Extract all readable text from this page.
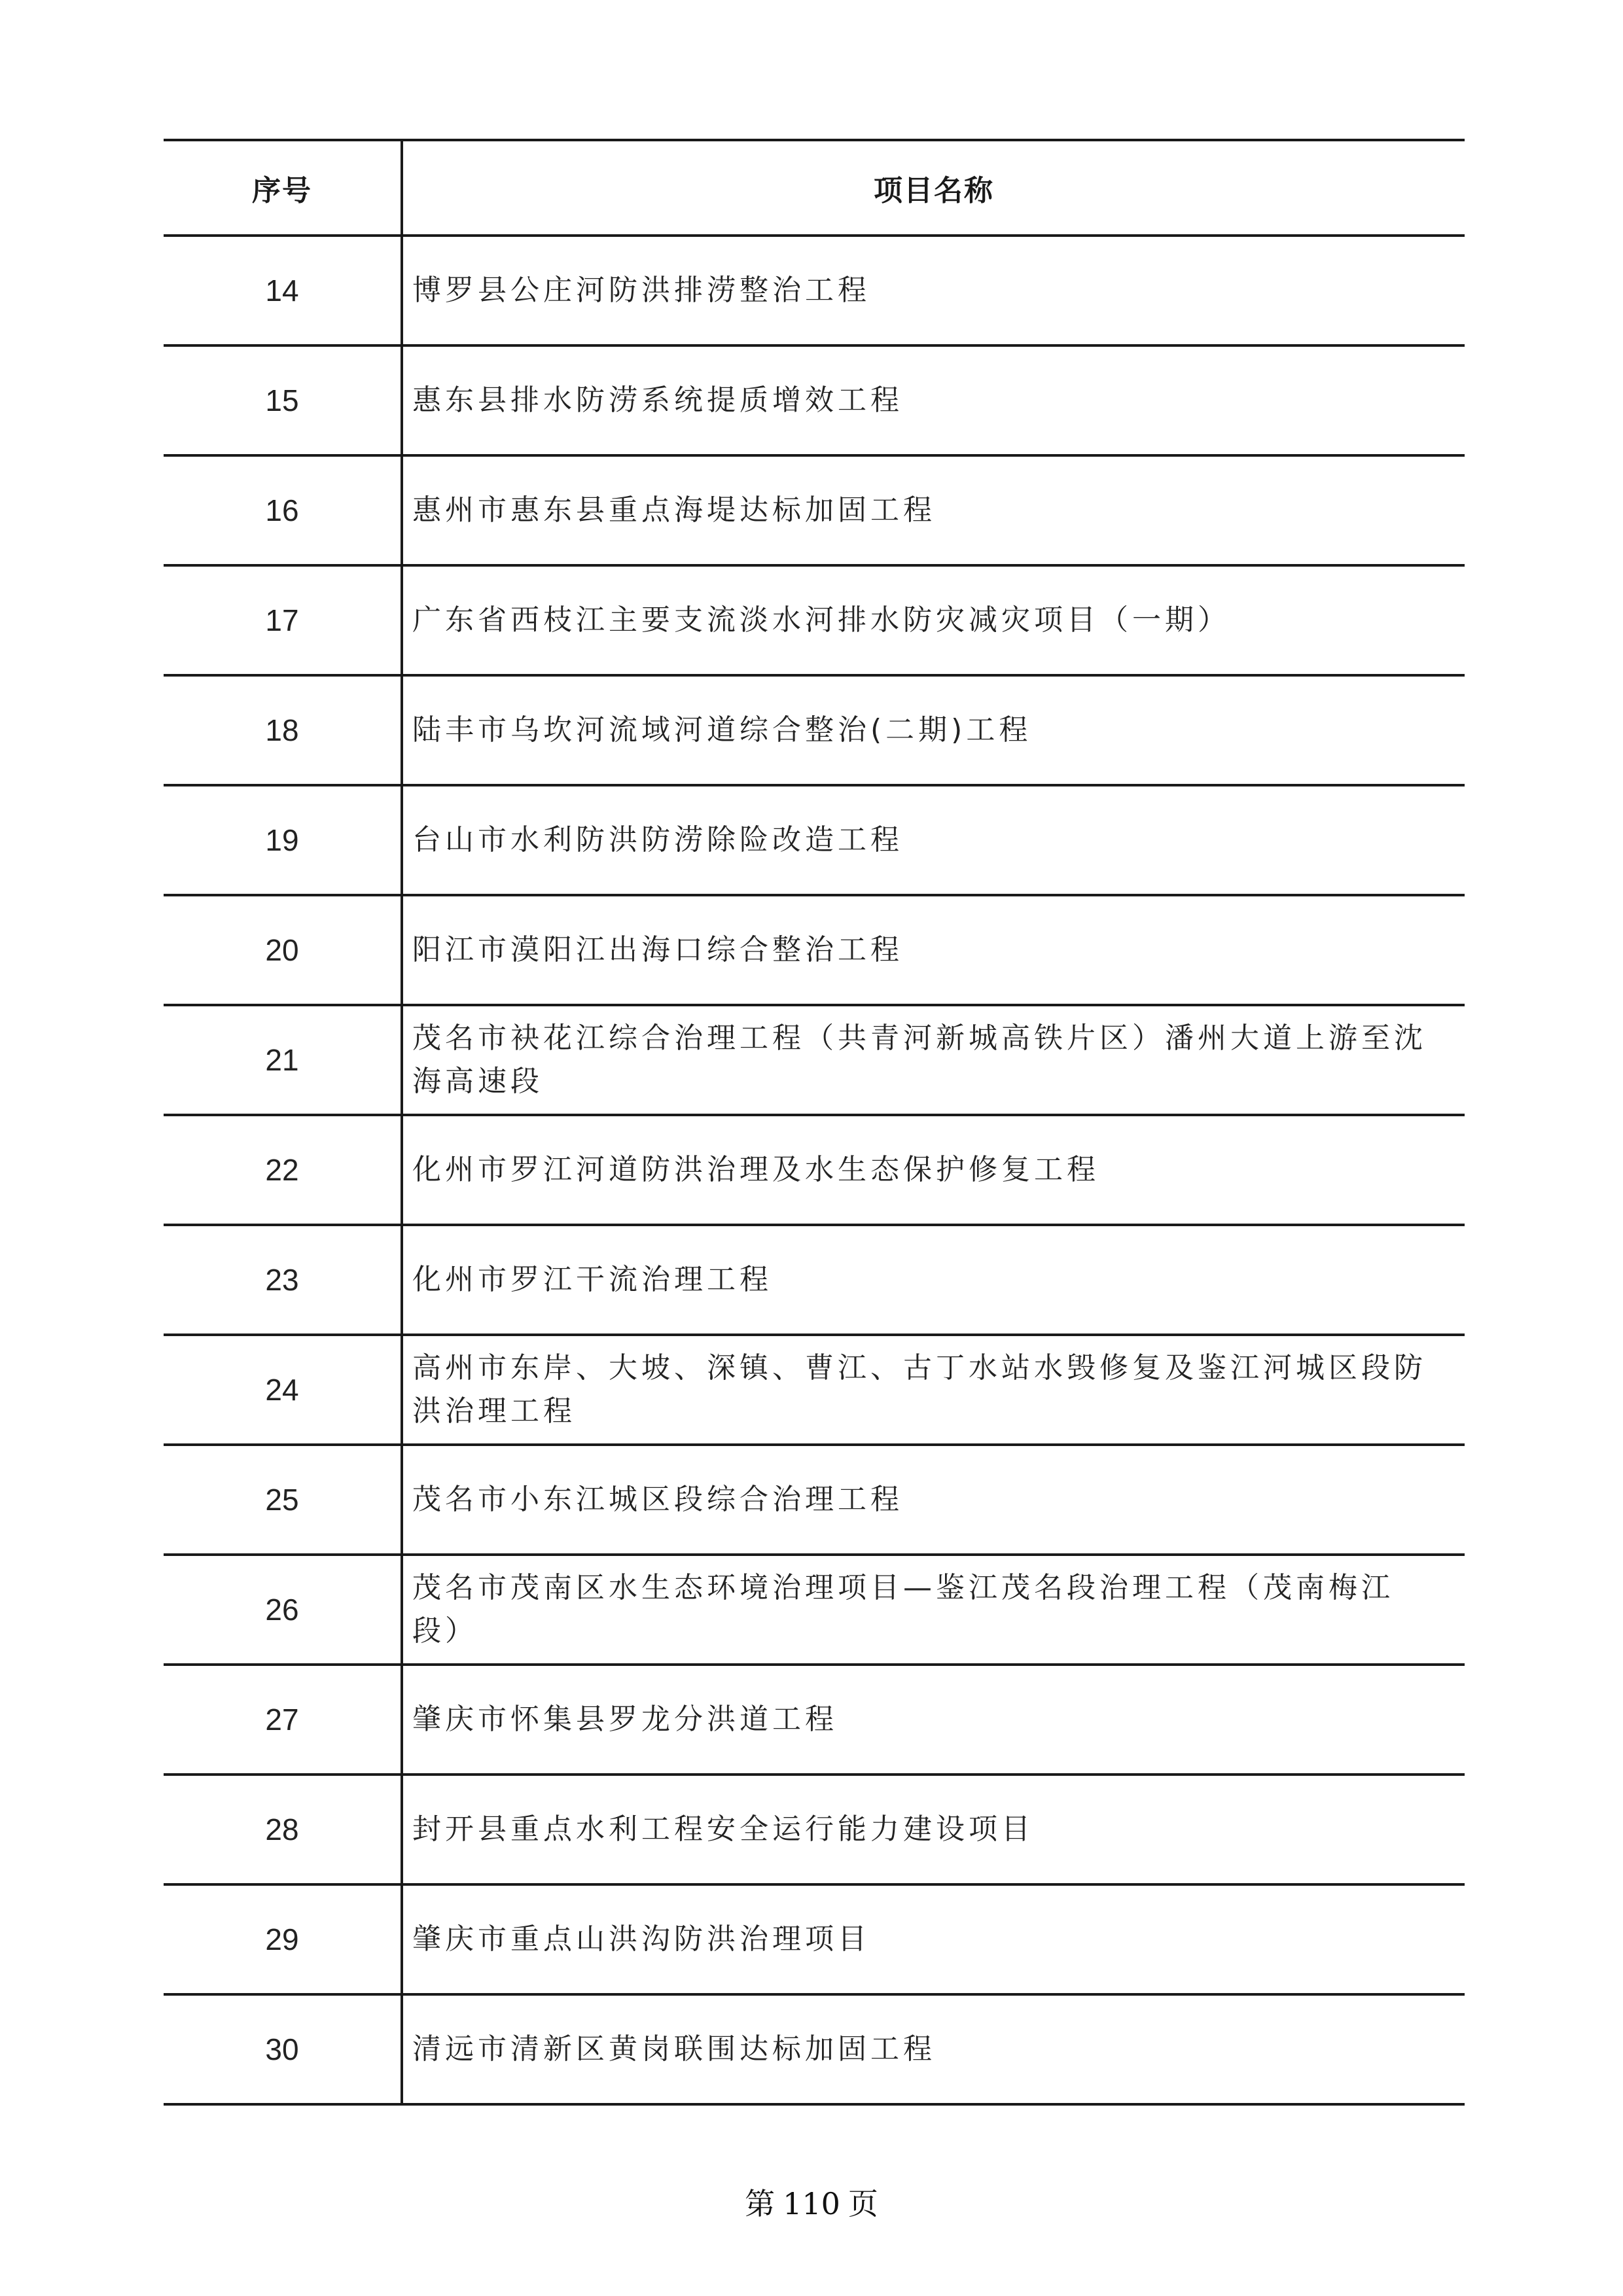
序号	项目名称
14	博罗县公庄河防洪排涝整治工程
15	惠东县排水防涝系统提质增效工程
16	惠州市惠东县重点海堤达标加固工程
17	广东省西枝江主要支流淡水河排水防灾减灾项目（一期）
18	陆丰市乌坎河流域河道综合整治(二期)工程
19	台山市水利防洪防涝除险改造工程
20	阳江市漠阳江出海口综合整治工程
21	茂名市袂花江综合治理工程（共青河新城高铁片区）潘州大道上游至沈海高速段
22	化州市罗江河道防洪治理及水生态保护修复工程
23	化州市罗江干流治理工程
24	高州市东岸、大坡、深镇、曹江、古丁水站水毁修复及鉴江河城区段防洪治理工程
25	茂名市小东江城区段综合治理工程
26	茂名市茂南区水生态环境治理项目—鉴江茂名段治理工程（茂南梅江段）
27	肇庆市怀集县罗龙分洪道工程
28	封开县重点水利工程安全运行能力建设项目
29	肇庆市重点山洪沟防洪治理项目
30	清远市清新区黄岗联围达标加固工程
第 110 页
